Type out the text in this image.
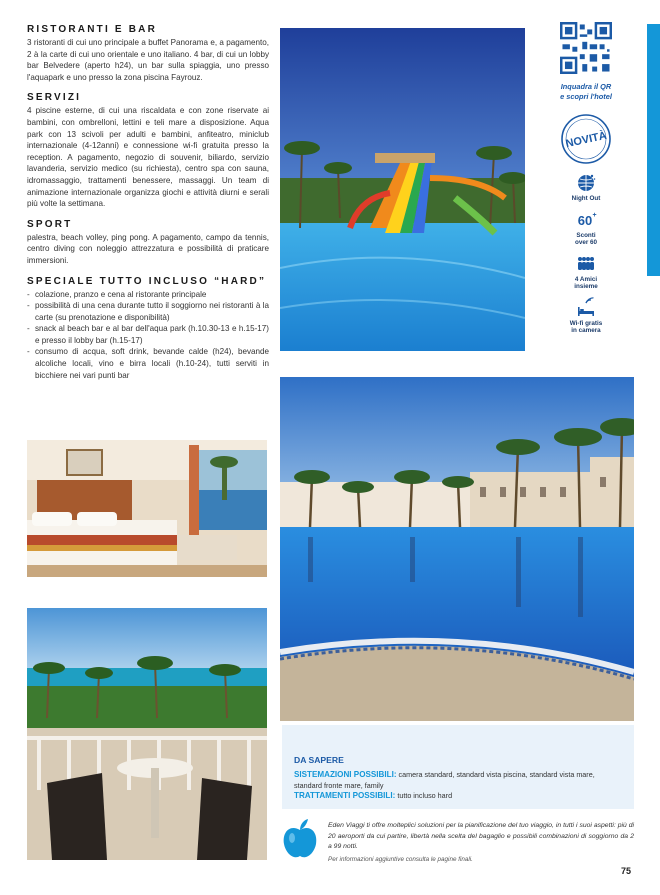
RISTORANTI E BAR

3 ristoranti di cui uno principale a buffet Panorama e, a pagamento, 2 à la carte di cui uno orientale e uno italiano. 4 bar, di cui un lobby bar Belvedere (aperto h24), un bar sulla spiaggia, uno presso l'aquapark e uno presso la zona piscina Fayrouz.

SERVIZI

4 piscine esterne, di cui una riscaldata e con zone riservate ai bambini, con ombrelloni, lettini e teli mare a disposizione. Aqua park con 13 scivoli per adulti e bambini, anfiteatro, miniclub internazionale (4-12anni) e connessione wi-fi gratuita presso la reception. A pagamento, negozio di souvenir, biliardo, servizio lavanderia, servizio medico (su richiesta), centro spa con sauna, idromassaggio, trattamenti benessere, massaggi. Un team di animazione internazionale organizza giochi e attività diurni e serali più volte la settimana.

SPORT

palestra, beach volley, ping pong. A pagamento, campo da tennis, centro diving con noleggio attrezzatura e possibilità di praticare immersioni.

SPECIALE TUTTO INCLUSO “HARD”
- colazione, pranzo e cena al ristorante principale
- possibilità di una cena durante tutto il soggiorno nei ristoranti à la carte (su prenotazione e disponibilità)
- snack al beach bar e al bar dell'aqua park (h.10.30-13 e h.15-17) e presso il lobby bar (h.15-17)
- consumo di acqua, soft drink, bevande calde (h24), bevande alcoliche locali, vino e birra locali (h.10-24), tutti serviti in bicchiere nei vari punti bar
Inquadra il QR
e scopri l'hotel
NOVITÀ
Night Out
60 +
Sconti
over 60
4 Amici
insieme
Wi-fi gratis
in camera
DA SAPERE
SISTEMAZIONI POSSIBILI: camera standard, standard vista piscina, standard vista mare, standard fronte mare, family
TRATTAMENTI POSSIBILI: tutto incluso hard

Eden Viaggi ti offre molteplici soluzioni per la pianificazione del tuo viaggio, in tutti i suoi aspetti: più di 20 aeroporti da cui partire, libertà nella scelta del bagaglio e possibili combinazioni di soggiorno da 2 a 99 notti.

Per informazioni aggiuntive consulta le pagine finali.

75
